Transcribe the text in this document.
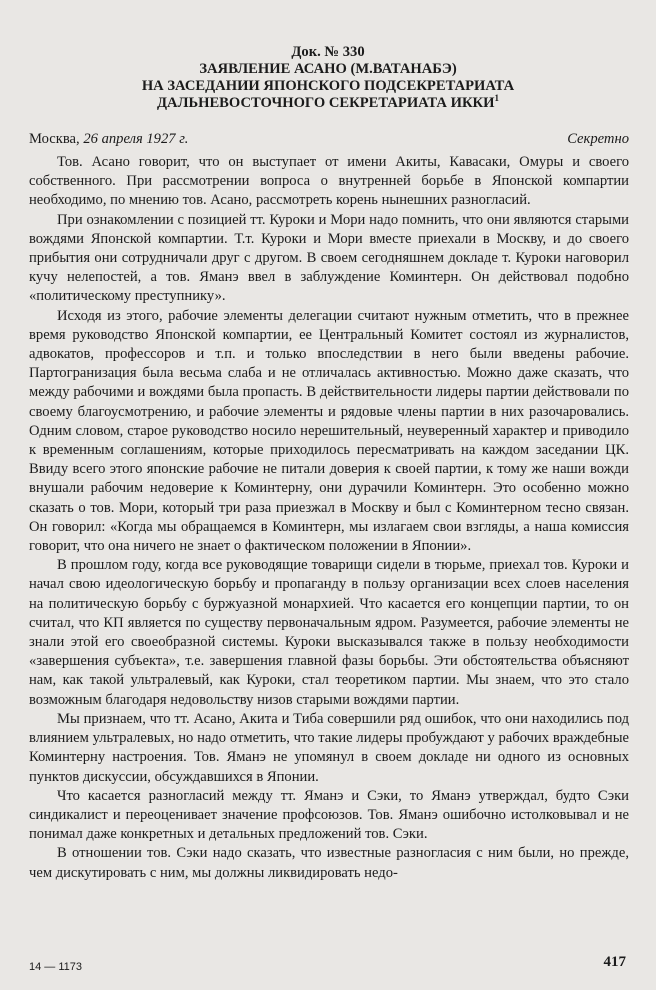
Док. № 330
ЗАЯВЛЕНИЕ АСАНО (М.ВАТАНАБЭ)
НА ЗАСЕДАНИИ ЯПОНСКОГО ПОДСЕКРЕТАРИАТА
ДАЛЬНЕВОСТОЧНОГО СЕКРЕТАРИАТА ИККИ$^1$
Москва, 26 апреля 1927 г.	Секретно

Тов. Асано говорит, что он выступает от имени Акиты, Кавасаки, Омуры и своего собственного. При рассмотрении вопроса о внутренней борьбе в Японской компартии необходимо, по мнению тов. Асано, рассмотреть корень нынешних разногласий.

При ознакомлении с позицией тт. Куроки и Мори надо помнить, что они являются старыми вождями Японской компартии. Т.т. Куроки и Мори вместе приехали в Москву, и до своего прибытия они сотрудничали друг с другом. В своем сегодняшнем докладе т. Куроки наговорил кучу нелепостей, а тов. Яманэ ввел в заблуждение Коминтерн. Он действовал подобно «политическому преступнику».

Исходя из этого, рабочие элементы делегации считают нужным отметить, что в прежнее время руководство Японской компартии, ее Центральный Комитет состоял из журналистов, адвокатов, профессоров и т.п. и только впоследствии в него были введены рабочие. Партогранизация была весьма слаба и не отличалась активностью. Можно даже сказать, что между рабочими и вождями была пропасть. В действительности лидеры партии действовали по своему благоусмотрению, и рабочие элементы и рядовые члены партии в них разочаровались. Одним словом, старое руководство носило нерешительный, неуверенный характер и приводило к временным соглашениям, которые приходилось пересматривать на каждом заседании ЦК. Ввиду всего этого японские рабочие не питали доверия к своей партии, к тому же наши вожди внушали рабочим недоверие к Коминтерну, они дурачили Коминтерн. Это особенно можно сказать о тов. Мори, который три раза приезжал в Москву и был с Коминтерном тесно связан. Он говорил: «Когда мы обращаемся в Коминтерн, мы излагаем свои взгляды, а наша комиссия говорит, что она ничего не знает о фактическом положении в Японии».

В прошлом году, когда все руководящие товарищи сидели в тюрьме, приехал тов. Куроки и начал свою идеологическую борьбу и пропаганду в пользу организации всех слоев населения на политическую борьбу с буржуазной монархией. Что касается его концепции партии, то он считал, что КП является по существу первоначальным ядром. Разумеется, рабочие элементы не знали этой его своеобразной системы. Куроки высказывался также в пользу необходимости «завершения субъекта», т.е. завершения главной фазы борьбы. Эти обстоятельства объясняют нам, как такой ультралевый, как Куроки, стал теоретиком партии. Мы знаем, что это стало возможным благодаря недовольству низов старыми вождями партии.

Мы признаем, что тт. Асано, Акита и Тиба совершили ряд ошибок, что они находились под влиянием ультралевых, но надо отметить, что такие лидеры пробуждают у рабочих враждебные Коминтерну настроения. Тов. Яманэ не упомянул в своем докладе ни одного из основных пунктов дискуссии, обсуждавшихся в Японии.

Что касается разногласий между тт. Яманэ и Сэки, то Яманэ утверждал, будто Сэки синдикалист и переоценивает значение профсоюзов. Тов. Яманэ ошибочно истолковывал и не понимал даже конкретных и детальных предложений тов. Сэки.

В отношении тов. Сэки надо сказать, что известные разногласия с ним были, но прежде, чем дискутировать с ним, мы должны ликвидировать недо-

14 — 1173	417
